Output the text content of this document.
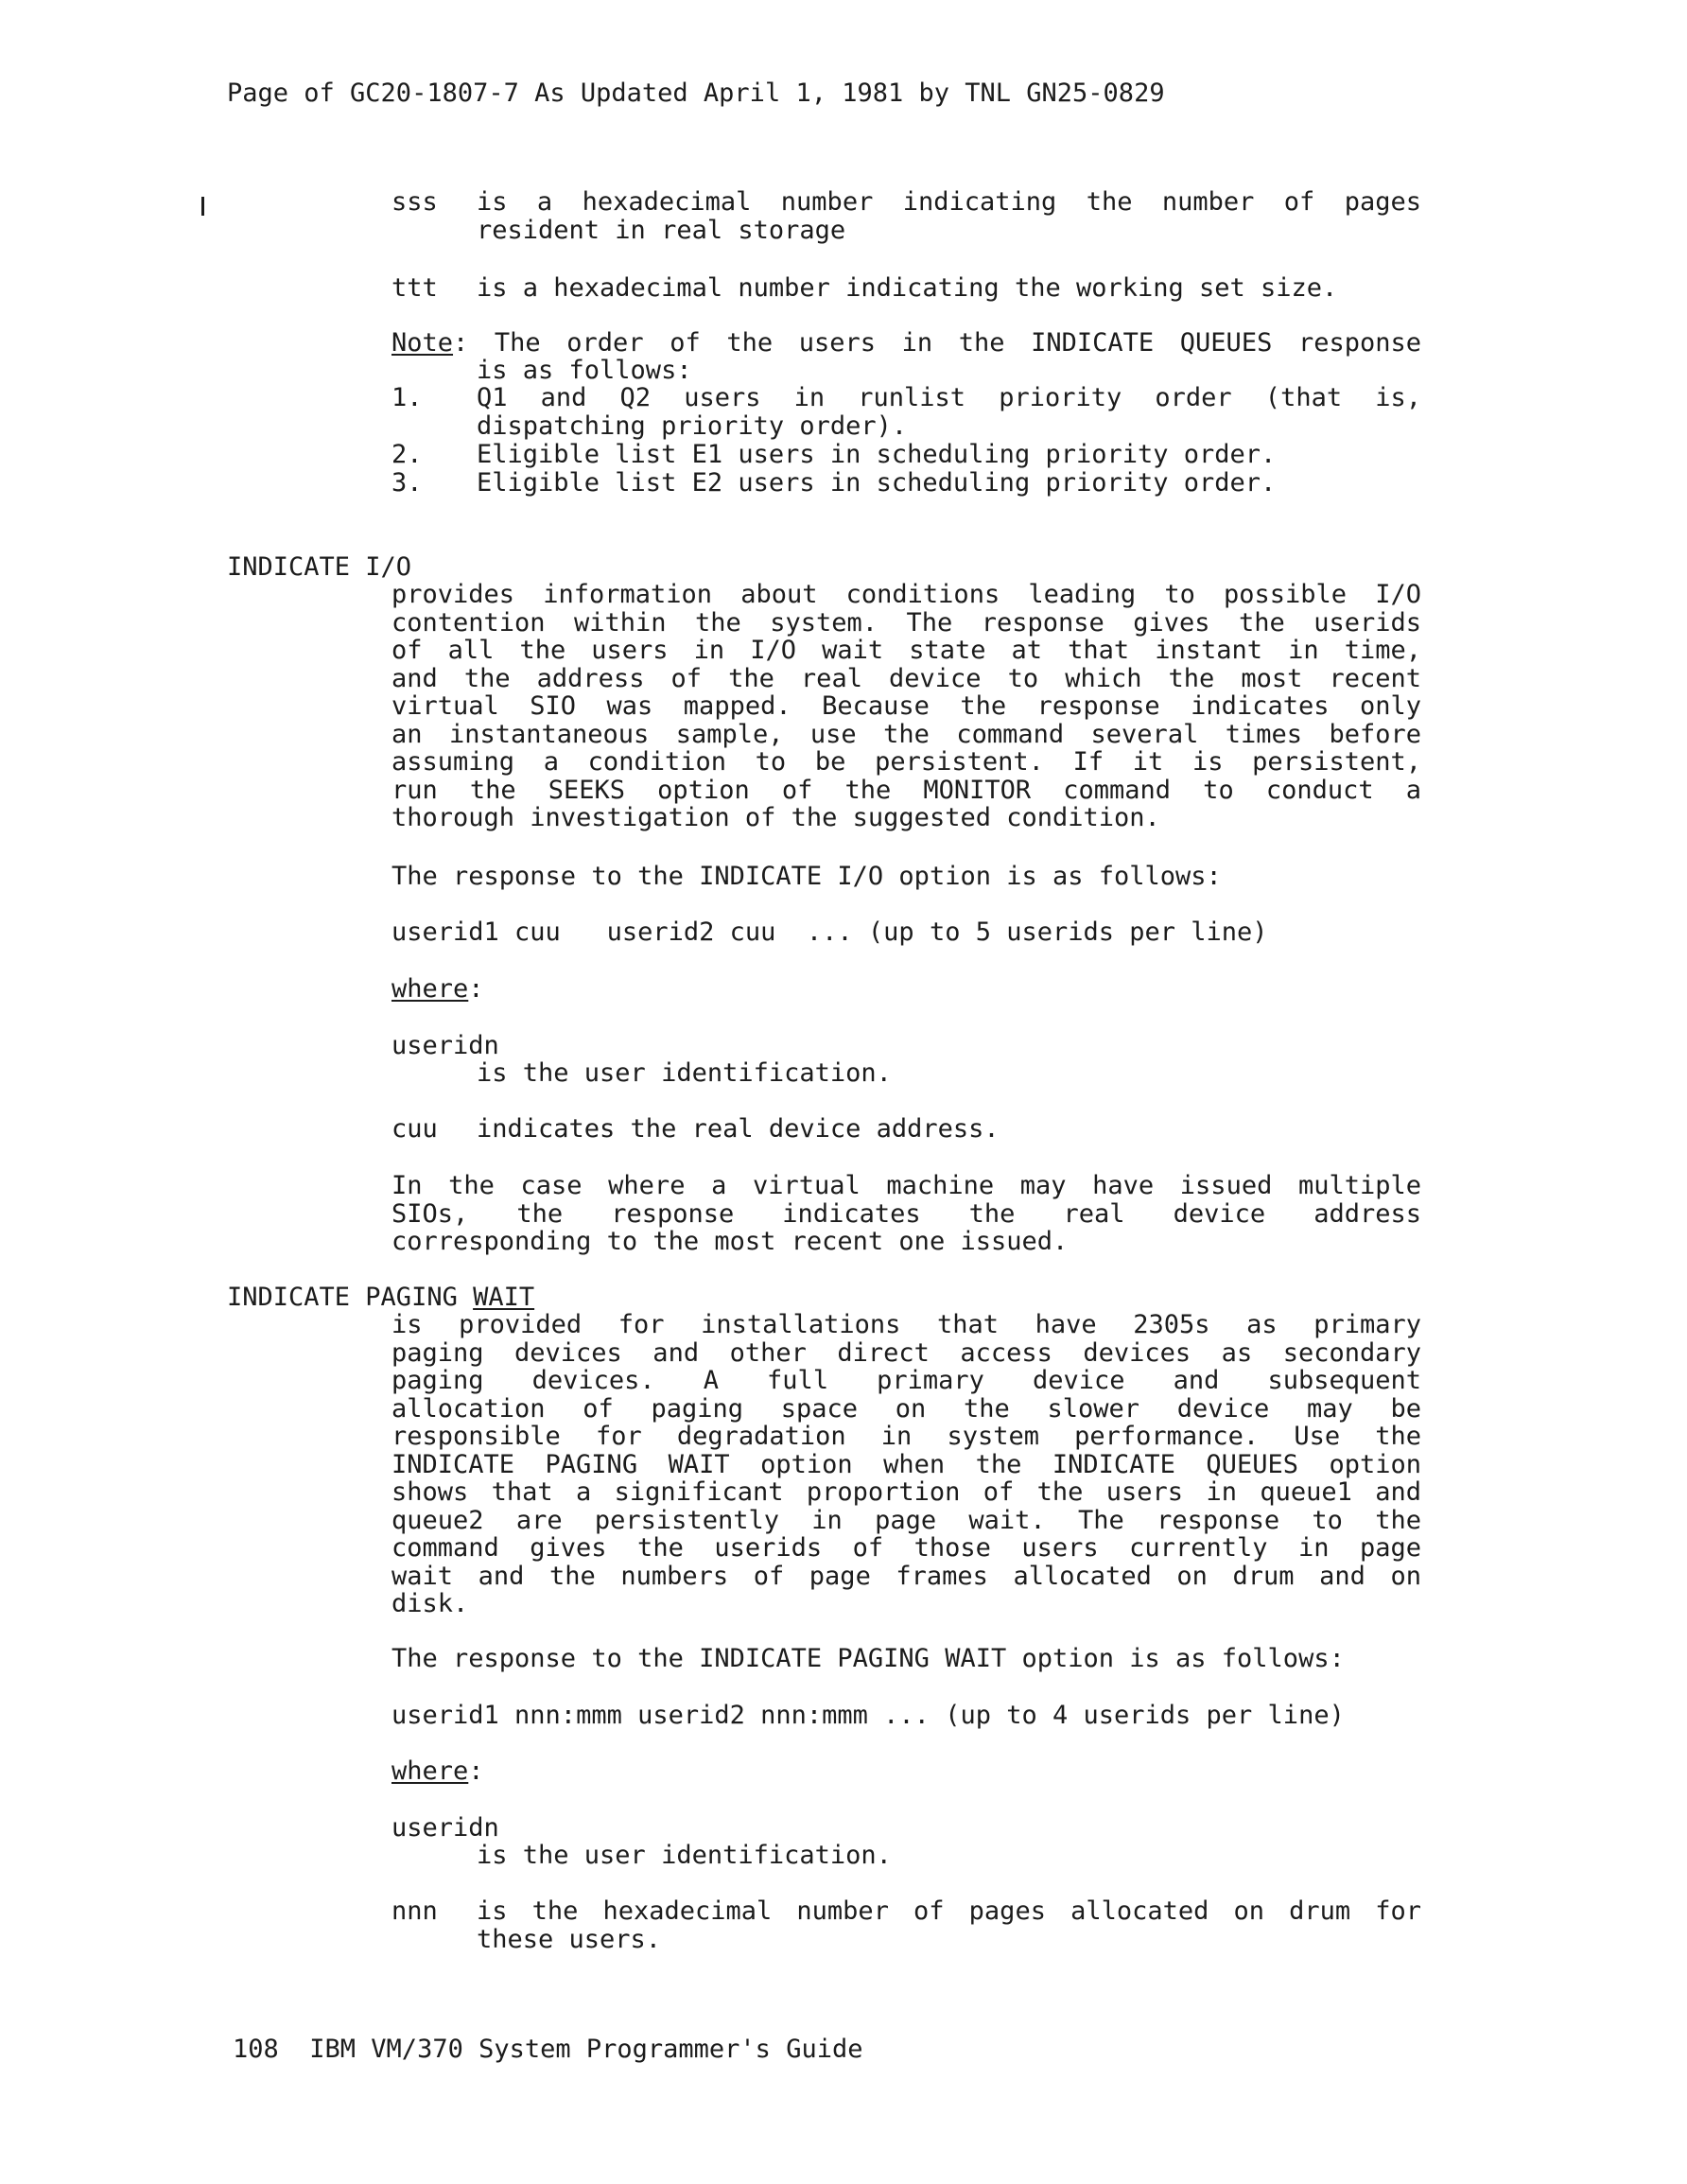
Page of GC20-1807-7 As Updated April 1, 1981 by TNL GN25-0829
sss is a hexadecimal number indicating the number of pages
resident in real storage
ttt is a hexadecimal number indicating the working set size.
Note: The order of the users in the INDICATE QUEUES response
is as follows:
1. Q1 and Q2 users in runlist priority order (that is,
dispatching priority order).
2. Eligible list E1 users in scheduling priority order.
3. Eligible list E2 users in scheduling priority order.
INDICATE I/O
provides information about conditions leading to possible I/O
contention within the system. The response gives the userids
of all the users in I/O wait state at that instant in time,
and the address of the real device to which the most recent
virtual SIO was mapped. Because the response indicates only
an instantaneous sample, use the command several times before
assuming a condition to be persistent. If it is persistent,
run the SEEKS option of the MONITOR command to conduct a
thorough investigation of the suggested condition.
The response to the INDICATE I/O option is as follows:
userid1 cuu   userid2 cuu  ... (up to 5 userids per line)
where:
useridn
is the user identification.
cuu indicates the real device address.
In the case where a virtual machine may have issued multiple
SIOs, the response indicates the real device address
corresponding to the most recent one issued.
INDICATE PAGING WAIT
is provided for installations that have 2305s as primary
paging devices and other direct access devices as secondary
paging devices. A full primary device and subsequent
allocation of paging space on the slower device may be
responsible for degradation in system performance. Use the
INDICATE PAGING WAIT option when the INDICATE QUEUES option
shows that a significant proportion of the users in queue1 and
queue2 are persistently in page wait. The response to the
command gives the userids of those users currently in page
wait and the numbers of page frames allocated on drum and on
disk.
The response to the INDICATE PAGING WAIT option is as follows:
userid1 nnn:mmm userid2 nnn:mmm ... (up to 4 userids per line)
where:
useridn
is the user identification.
nnn is the hexadecimal number of pages allocated on drum for
these users.
108  IBM VM/370 System Programmer's Guide
